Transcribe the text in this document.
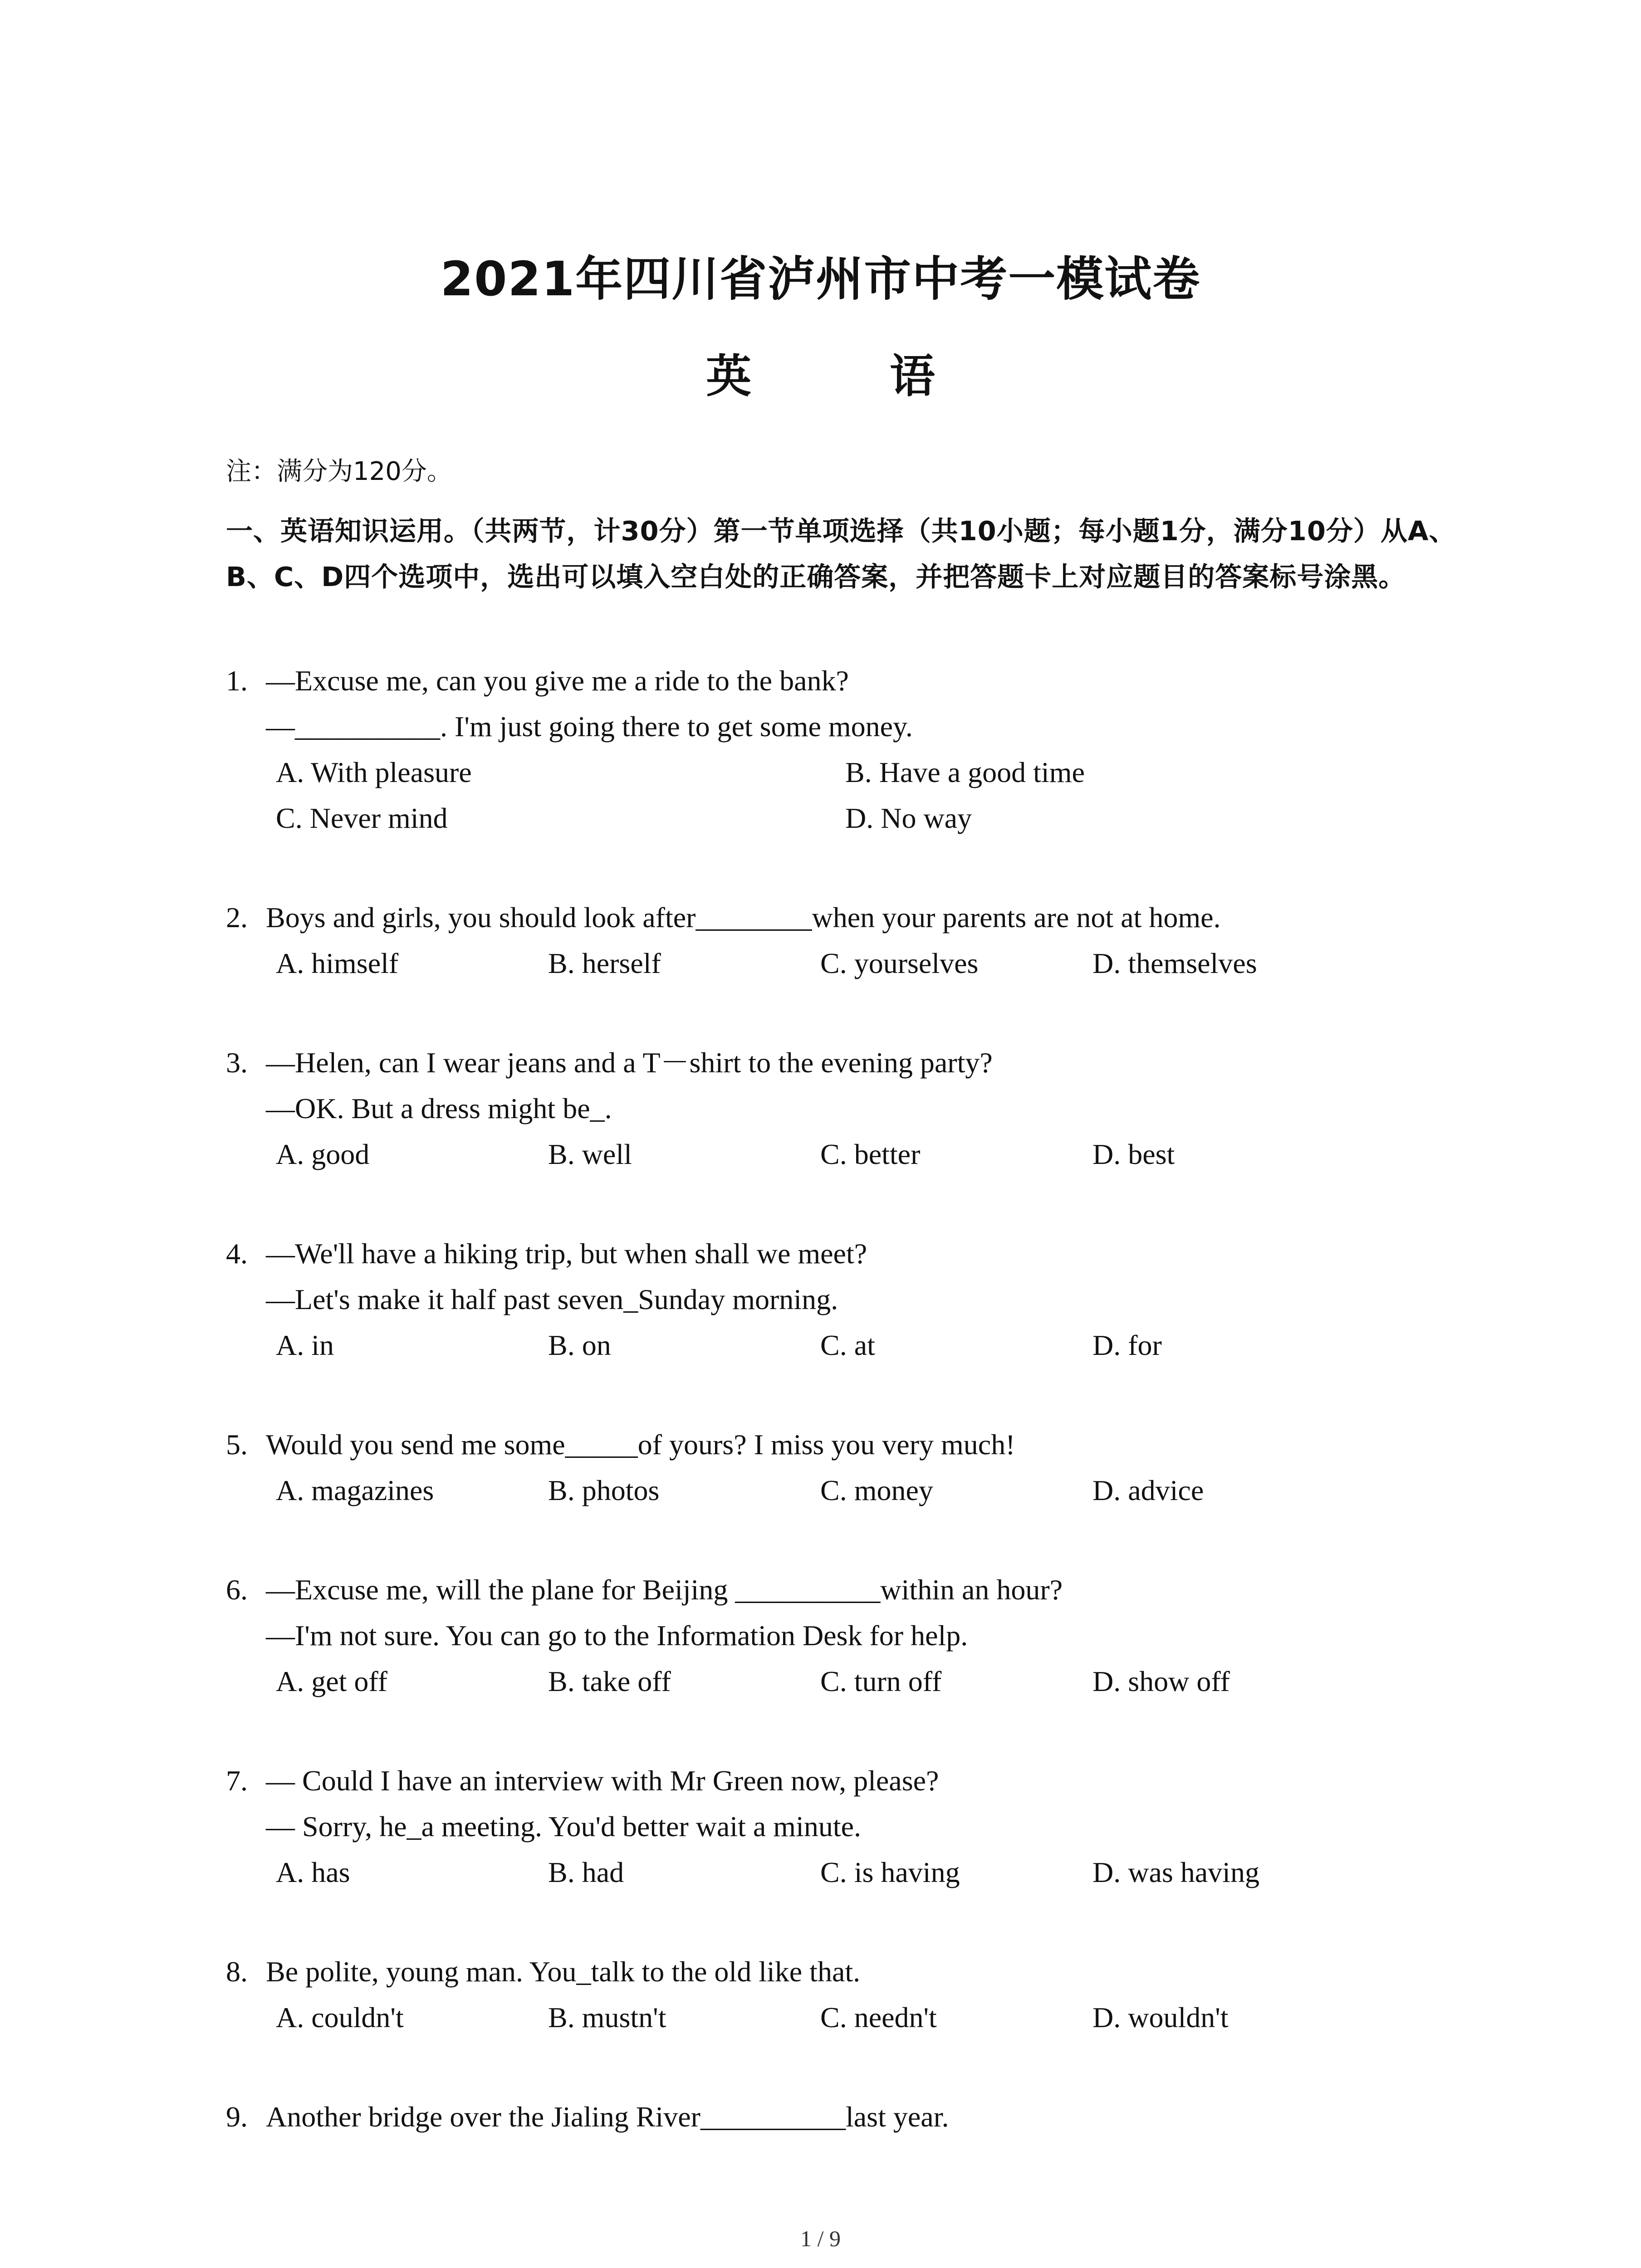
2021年四川省泸州市中考一模试卷
英 语
注：满分为120分。
一、英语知识运用。（共两节，计30分）第一节单项选择（共10小题；每小题1分，满分10分）从A、B、C、D四个选项中，选出可以填入空白处的正确答案，并把答题卡上对应题目的答案标号涂黑。
1. —Excuse me, can you give me a ride to the bank?
—__________. I'm just going there to get some money.
A. With pleasure	B. Have a good time
C. Never mind	D. No way
2. Boys and girls, you should look after________when your parents are not at home.
A. himself	B. herself	C. yourselves	D. themselves
3. —Helen, can I wear jeans and a T－shirt to the evening party?
—OK. But a dress might be_.
A. good	B. well	C. better	D. best
4. —We'll have a hiking trip, but when shall we meet?
—Let's make it half past seven_Sunday morning.
A. in	B. on	C. at	D. for
5. Would you send me some_____of yours? I miss you very much!
A. magazines	B. photos	C. money	D. advice
6. —Excuse me, will the plane for Beijing __________within an hour?
—I'm not sure. You can go to the Information Desk for help.
A. get off	B. take off	C. turn off	D. show off
7. — Could I have an interview with Mr Green now, please?
— Sorry, he_a meeting. You'd better wait a minute.
A. has	B. had	C. is having	D. was having
8. Be polite, young man. You_talk to the old like that.
A. couldn't	B. mustn't	C. needn't	D. wouldn't
9. Another bridge over the Jialing River__________last year.
1 / 9
